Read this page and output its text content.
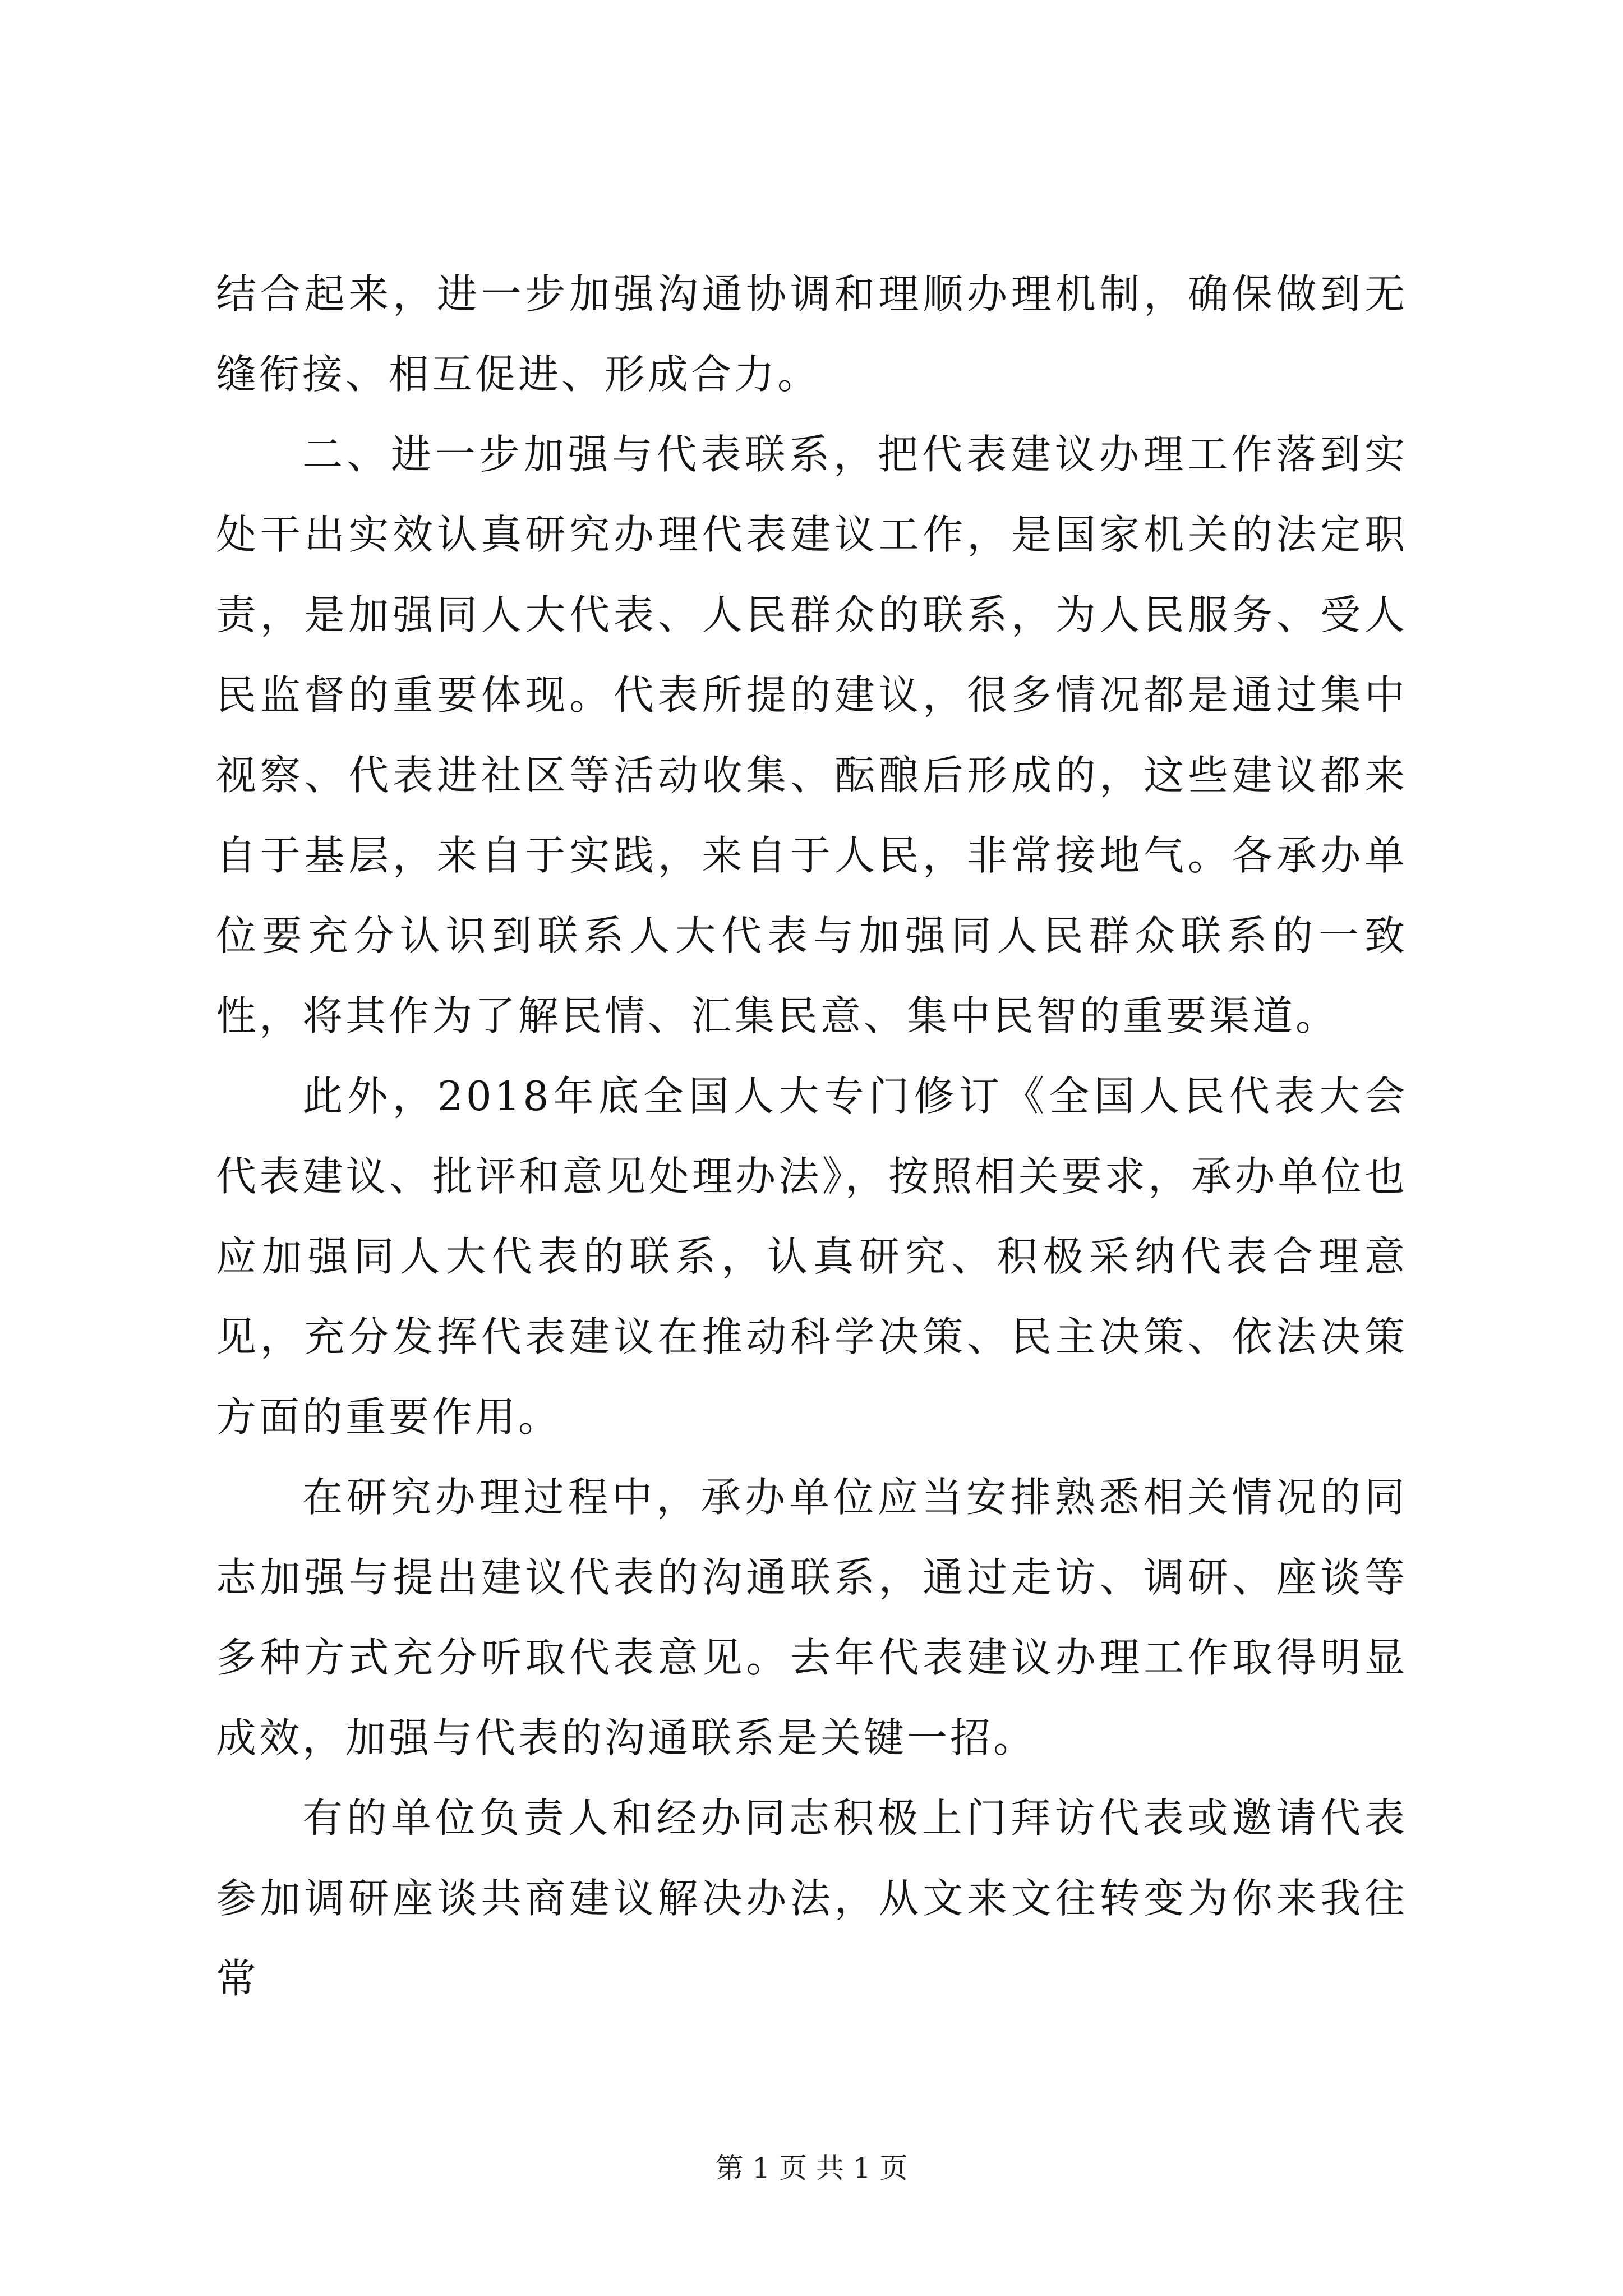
结合起来，进一步加强沟通协调和理顺办理机制，确保做到无缝衔接、相互促进、形成合力。

二、进一步加强与代表联系，把代表建议办理工作落到实处干出实效认真研究办理代表建议工作，是国家机关的法定职责，是加强同人大代表、人民群众的联系，为人民服务、受人民监督的重要体现。代表所提的建议，很多情况都是通过集中视察、代表进社区等活动收集、酝酿后形成的，这些建议都来自于基层，来自于实践，来自于人民，非常接地气。各承办单位要充分认识到联系人大代表与加强同人民群众联系的一致性，将其作为了解民情、汇集民意、集中民智的重要渠道。

此外，2018年底全国人大专门修订《全国人民代表大会代表建议、批评和意见处理办法》，按照相关要求，承办单位也应加强同人大代表的联系，认真研究、积极采纳代表合理意见，充分发挥代表建议在推动科学决策、民主决策、依法决策方面的重要作用。

在研究办理过程中，承办单位应当安排熟悉相关情况的同志加强与提出建议代表的沟通联系，通过走访、调研、座谈等多种方式充分听取代表意见。去年代表建议办理工作取得明显成效，加强与代表的沟通联系是关键一招。

有的单位负责人和经办同志积极上门拜访代表或邀请代表参加调研座谈共商建议解决办法，从文来文往转变为你来我往常

第 1 页 共 1 页
